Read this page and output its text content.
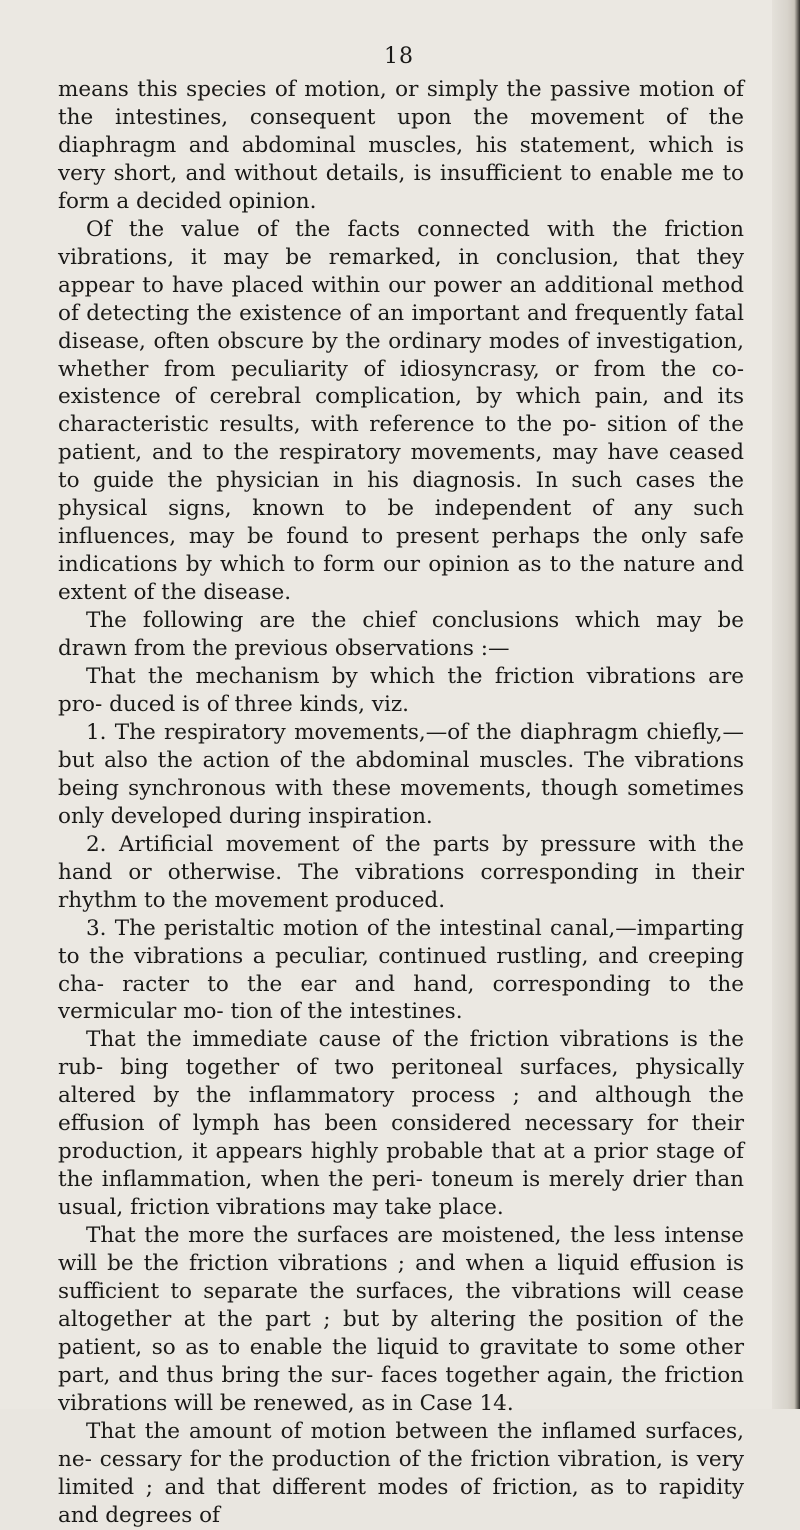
18

means this species of motion, or simply the passive motion of the intestines, consequent upon the movement of the diaphragm and abdominal muscles, his statement, which is very short, and without details, is insufficient to enable me to form a decided opinion.

Of the value of the facts connected with the friction vibrations, it may be remarked, in conclusion, that they appear to have placed within our power an additional method of detecting the existence of an important and frequently fatal disease, often obscure by the ordinary modes of investigation, whether from peculiarity of idiosyncrasy, or from the co-existence of cerebral complication, by which pain, and its characteristic results, with reference to the po- sition of the patient, and to the respiratory movements, may have ceased to guide the physician in his diagnosis. In such cases the physical signs, known to be independent of any such influences, may be found to present perhaps the only safe indications by which to form our opinion as to the nature and extent of the disease.

The following are the chief conclusions which may be drawn from the previous observations :—

That the mechanism by which the friction vibrations are pro- duced is of three kinds, viz.

1. The respiratory movements,—of the diaphragm chiefly,— but also the action of the abdominal muscles. The vibrations being synchronous with these movements, though sometimes only developed during inspiration.

2. Artificial movement of the parts by pressure with the hand or otherwise. The vibrations corresponding in their rhythm to the movement produced.

3. The peristaltic motion of the intestinal canal,—imparting to the vibrations a peculiar, continued rustling, and creeping cha- racter to the ear and hand, corresponding to the vermicular mo- tion of the intestines.

That the immediate cause of the friction vibrations is the rub- bing together of two peritoneal surfaces, physically altered by the inflammatory process ; and although the effusion of lymph has been considered necessary for their production, it appears highly probable that at a prior stage of the inflammation, when the peri- toneum is merely drier than usual, friction vibrations may take place.

That the more the surfaces are moistened, the less intense will be the friction vibrations ; and when a liquid effusion is sufficient to separate the surfaces, the vibrations will cease altogether at the part ; but by altering the position of the patient, so as to enable the liquid to gravitate to some other part, and thus bring the sur- faces together again, the friction vibrations will be renewed, as in Case 14.

That the amount of motion between the inflamed surfaces, ne- cessary for the production of the friction vibration, is very limited ; and that different modes of friction, as to rapidity and degrees of
